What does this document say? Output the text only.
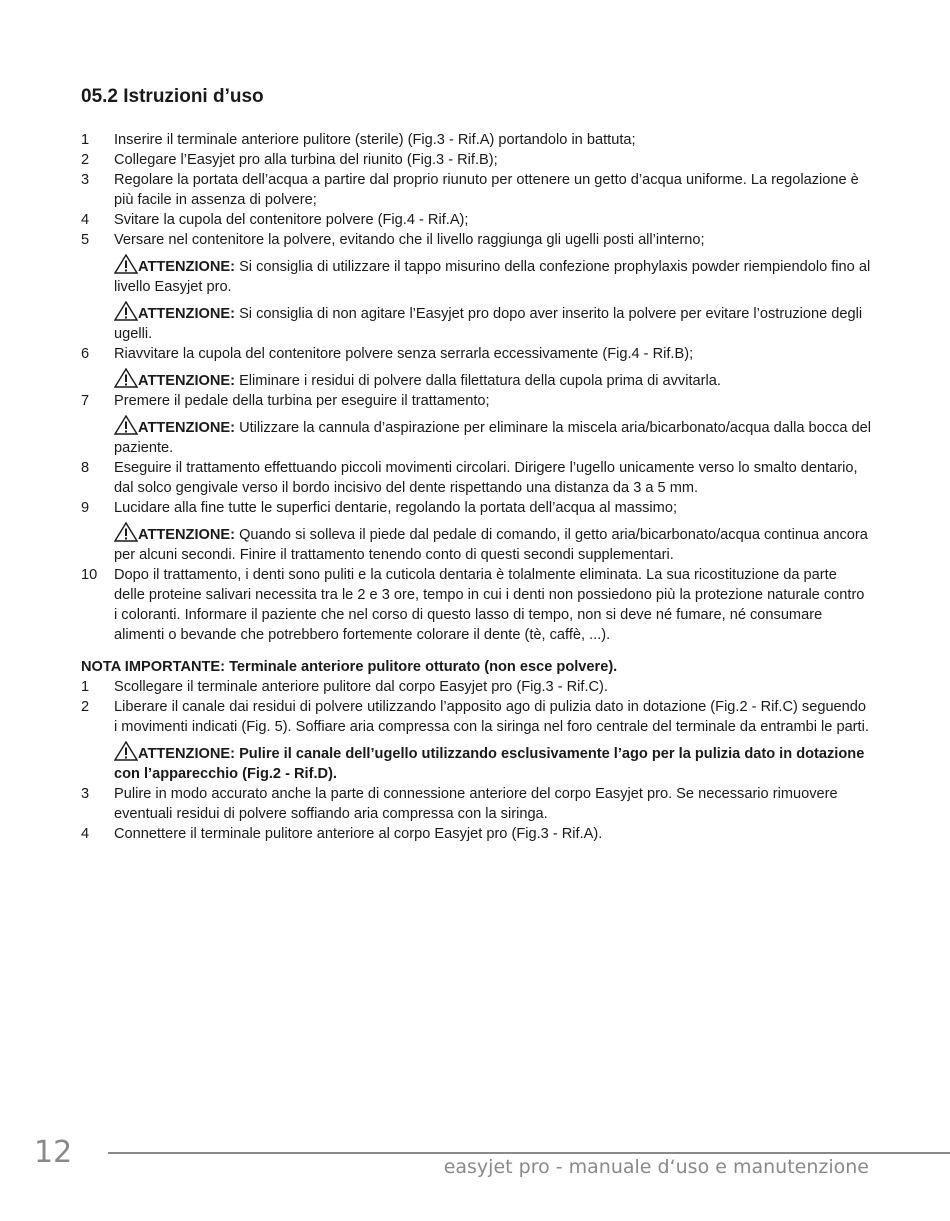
05.2 Istruzioni d’uso
1	Inserire il terminale anteriore pulitore (sterile) (Fig.3 - Rif.A) portandolo in battuta;
2	Collegare l’Easyjet pro alla turbina del riunito (Fig.3 - Rif.B);
3	Regolare la portata dell’acqua a partire dal proprio riunuto per ottenere un getto d’acqua uniforme. La regolazione è più facile in assenza di polvere;
4	Svitare la cupola del contenitore polvere (Fig.4 - Rif.A);
5	Versare nel contenitore la polvere, evitando che il livello raggiunga gli ugelli posti all’interno;
ATTENZIONE: Si consiglia di utilizzare il tappo misurino della confezione prophylaxis powder riempiendolo fino al livello Easyjet pro.
ATTENZIONE: Si consiglia di non agitare l’Easyjet pro dopo aver inserito la polvere per evitare l’ostruzione degli ugelli.
6	Riavvitare la cupola del contenitore polvere senza serrarla eccessivamente (Fig.4 - Rif.B);
ATTENZIONE: Eliminare i residui di polvere dalla filettatura della cupola prima di avvitarla.
7	Premere il pedale della turbina per eseguire il trattamento;
ATTENZIONE: Utilizzare la cannula d’aspirazione per eliminare la miscela aria/bicarbonato/acqua dalla bocca del paziente.
8	Eseguire il trattamento effettuando piccoli movimenti circolari. Dirigere l’ugello unicamente verso lo smalto dentario, dal solco gengivale verso il bordo incisivo del dente rispettando una distanza da 3 a 5 mm.
9	Lucidare alla fine tutte le superfici dentarie, regolando la portata dell’acqua al massimo;
ATTENZIONE: Quando si solleva il piede dal pedale di comando, il getto aria/bicarbonato/acqua continua ancora per alcuni secondi. Finire il trattamento tenendo conto di questi secondi supplementari.
10	Dopo il trattamento, i denti sono puliti e la cuticola dentaria è tolalmente eliminata. La sua ricostituzione da parte delle proteine salivari necessita tra le 2 e 3 ore, tempo in cui i denti non possiedono più la protezione naturale contro i coloranti. Informare il paziente che nel corso di questo lasso di tempo, non si deve né fumare, né consumare alimenti o bevande che potrebbero fortemente colorare il dente (tè, caffè, ...).
NOTA IMPORTANTE: Terminale anteriore pulitore otturato (non esce polvere).
1	Scollegare il terminale anteriore pulitore dal corpo Easyjet pro (Fig.3 - Rif.C).
2	Liberare il canale dai residui di polvere utilizzando l’apposito ago di pulizia dato in dotazione (Fig.2 - Rif.C) seguendo i movimenti indicati (Fig. 5). Soffiare aria compressa con la siringa nel foro centrale del terminale da entrambi le parti.
ATTENZIONE: Pulire il canale dell’ugello utilizzando esclusivamente l’ago per la pulizia dato in dotazione con l’apparecchio (Fig.2 - Rif.D).
3	Pulire in modo accurato anche la parte di connessione anteriore del corpo Easyjet pro. Se necessario rimuovere eventuali residui di polvere soffiando aria compressa con la siringa.
4	Connettere il terminale pulitore anteriore al corpo Easyjet pro (Fig.3 - Rif.A).
12	easyjet pro - manuale d‘uso e manutenzione
